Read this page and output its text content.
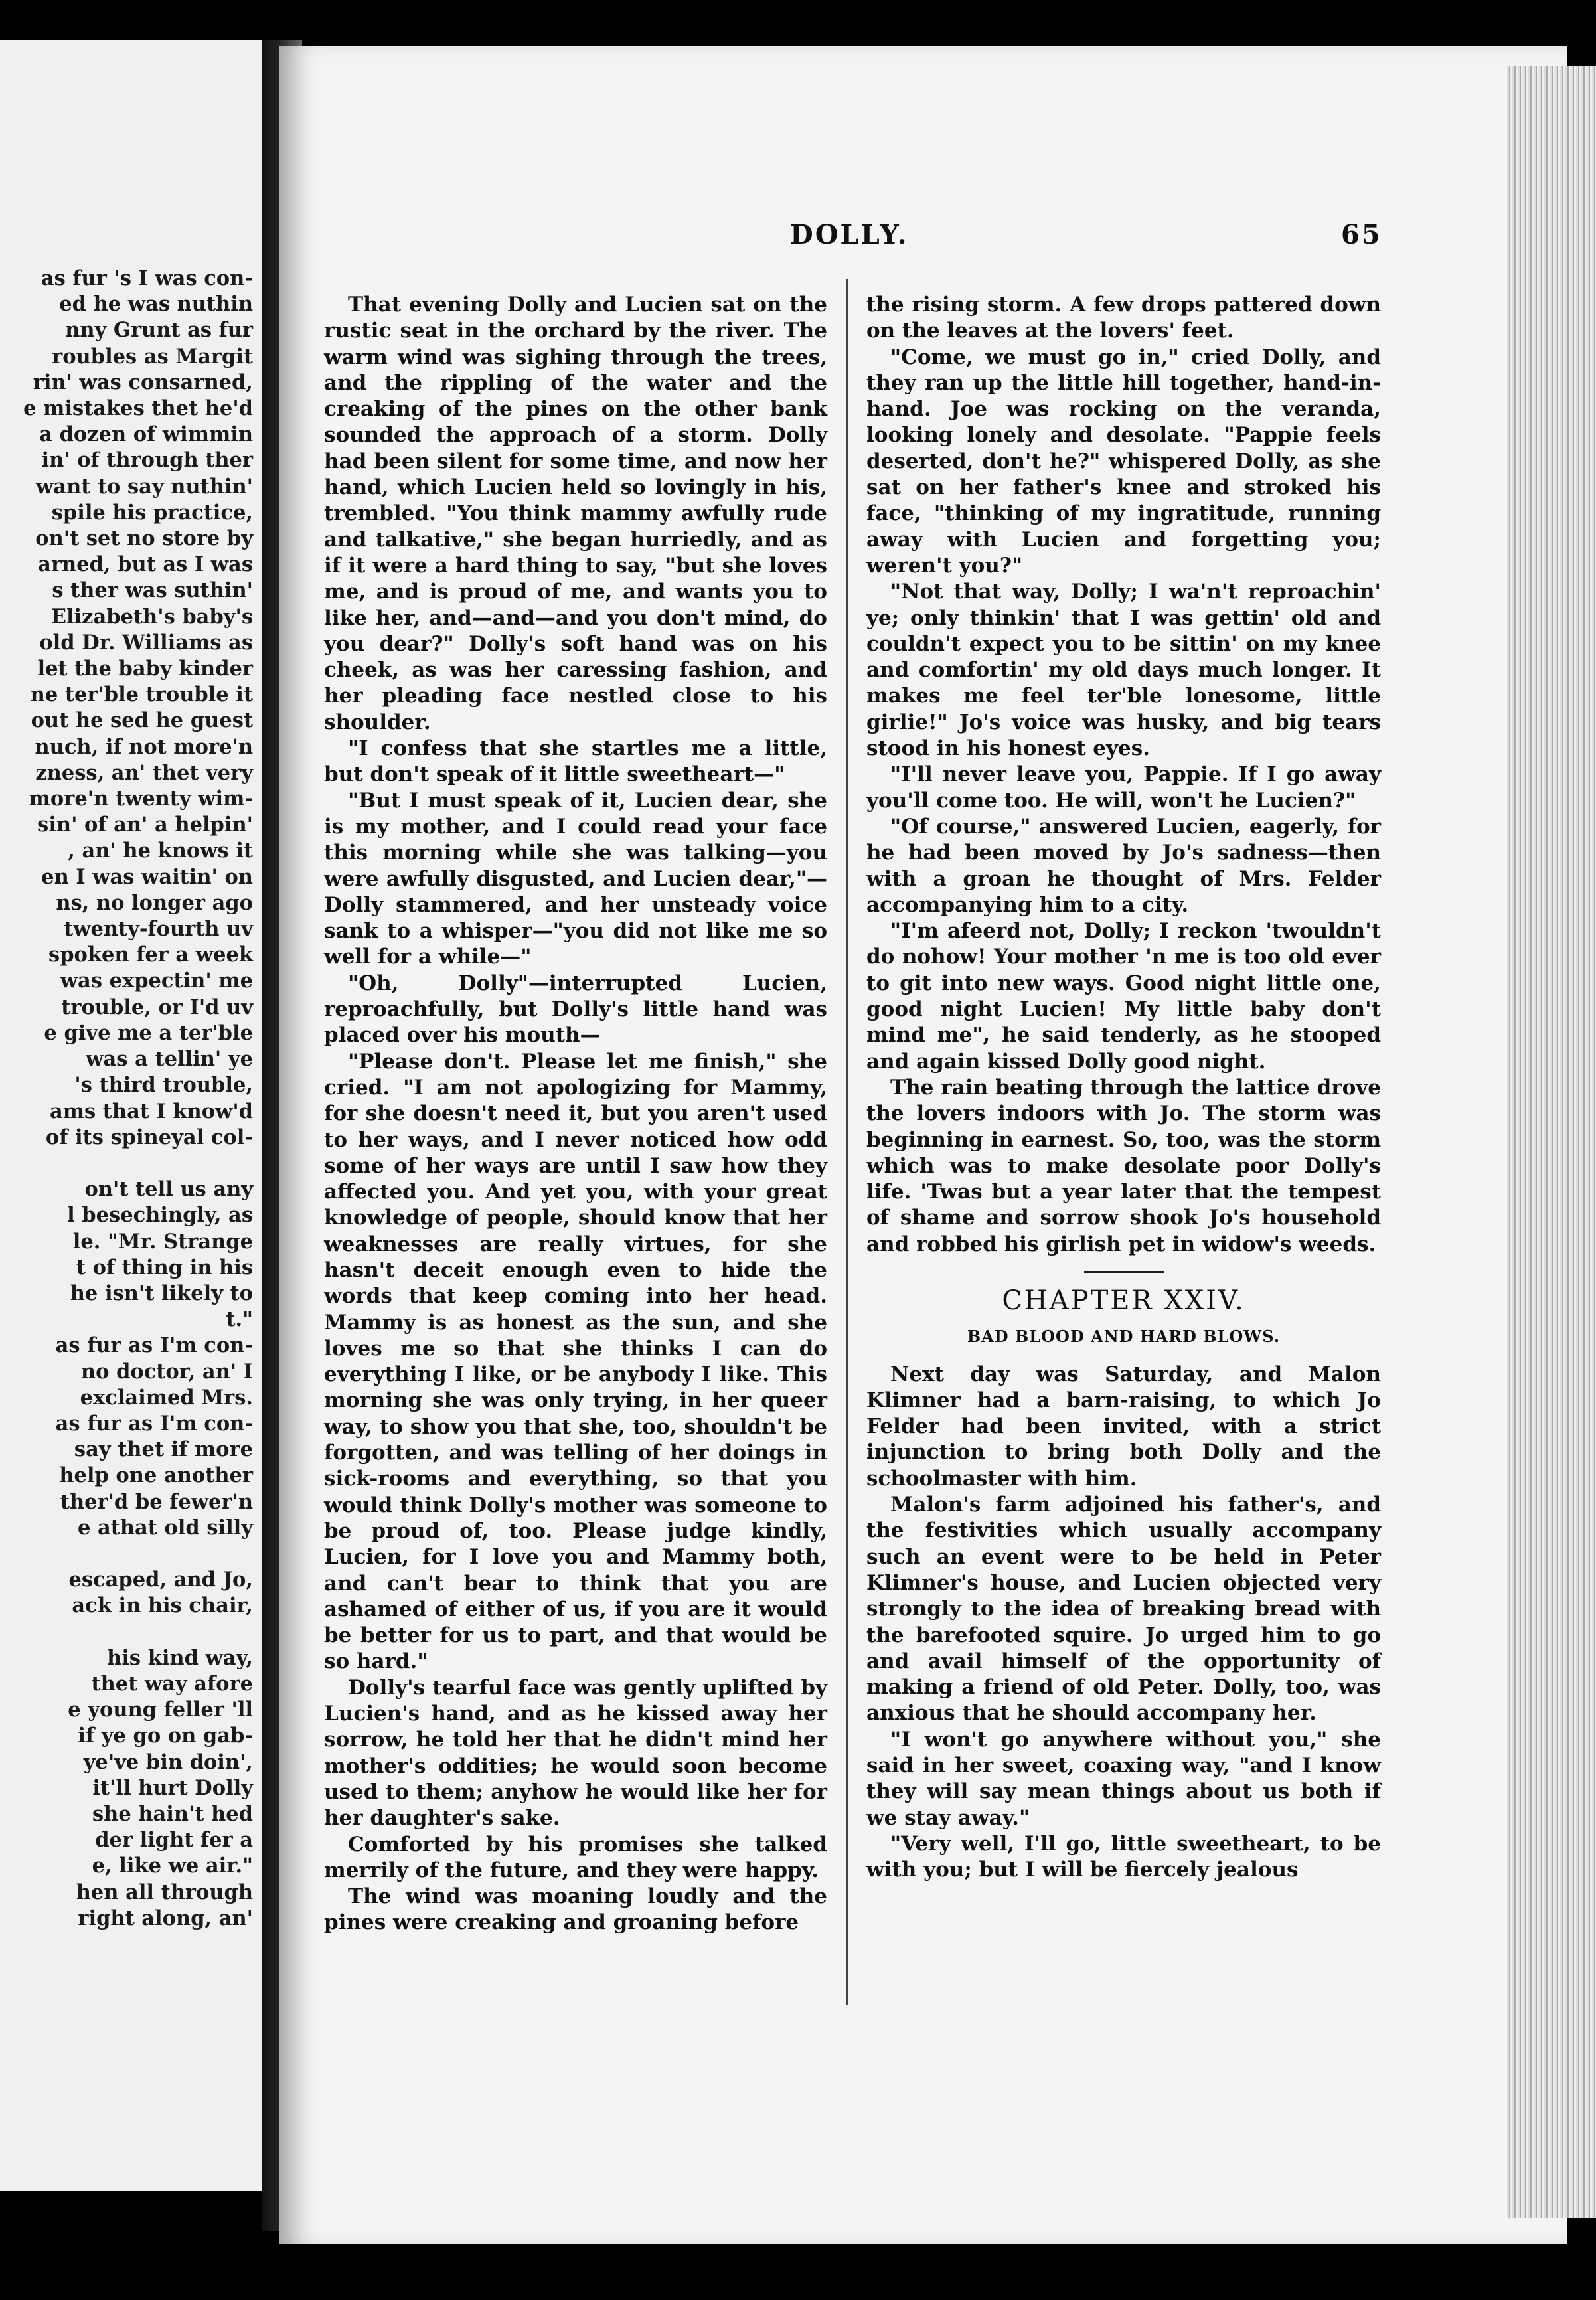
as fur 's I was con-
ed he was nuthin
nny Grunt as fur
roubles as Margit
rin' was consarned,
e mistakes thet he'd
a dozen of wimmin
in' of through ther
want to say nuthin'
spile his practice,
on't set no store by
arned, but as I was
s ther was suthin'
Elizabeth's baby's
old Dr. Williams as
let the baby kinder
ne ter'ble trouble it
out he sed he guest
nuch, if not more'n
zness, an' thet very
more'n twenty wim-
sin' of an' a helpin'
, an' he knows it
en I was waitin' on
ns, no longer ago
twenty-fourth uv
spoken fer a week
was expectin' me
trouble, or I'd uv
e give me a ter'ble
was a tellin' ye
's third trouble,
ams that I know'd
of its spineyal col-

on't tell us any
l besechingly, as
le. "Mr. Strange
t of thing in his
he isn't likely to
t."
as fur as I'm con-
no doctor, an' I
exclaimed Mrs.
as fur as I'm con-
say thet if more
help one another
ther'd be fewer'n
e athat old silly

escaped, and Jo,
ack in his chair,

his kind way,
thet way afore
e young feller 'll
if ye go on gab-
ye've bin doin',
it'll hurt Dolly
she hain't hed
der light fer a
e, like we air."
hen all through
right along, an'
DOLLY.	65

That evening Dolly and Lucien sat on the rustic seat in the orchard by the river. The warm wind was sighing through the trees, and the rippling of the water and the creaking of the pines on the other bank sounded the approach of a storm. Dolly had been silent for some time, and now her hand, which Lucien held so lovingly in his, trembled. "You think mammy awfully rude and talkative," she began hurriedly, and as if it were a hard thing to say, "but she loves me, and is proud of me, and wants you to like her, and—and—and you don't mind, do you dear?" Dolly's soft hand was on his cheek, as was her caressing fashion, and her pleading face nestled close to his shoulder.

"I confess that she startles me a little, but don't speak of it little sweetheart—"

"But I must speak of it, Lucien dear, she is my mother, and I could read your face this morning while she was talking—you were awfully disgusted, and Lucien dear,"—Dolly stammered, and her unsteady voice sank to a whisper—"you did not like me so well for a while—"

"Oh, Dolly"—interrupted Lucien, reproachfully, but Dolly's little hand was placed over his mouth—

"Please don't. Please let me finish," she cried. "I am not apologizing for Mammy, for she doesn't need it, but you aren't used to her ways, and I never noticed how odd some of her ways are until I saw how they affected you. And yet you, with your great knowledge of people, should know that her weaknesses are really virtues, for she hasn't deceit enough even to hide the words that keep coming into her head. Mammy is as honest as the sun, and she loves me so that she thinks I can do everything I like, or be anybody I like. This morning she was only trying, in her queer way, to show you that she, too, shouldn't be forgotten, and was telling of her doings in sick-rooms and everything, so that you would think Dolly's mother was someone to be proud of, too. Please judge kindly, Lucien, for I love you and Mammy both, and can't bear to think that you are ashamed of either of us, if you are it would be better for us to part, and that would be so hard."

Dolly's tearful face was gently uplifted by Lucien's hand, and as he kissed away her sorrow, he told her that he didn't mind her mother's oddities; he would soon become used to them; anyhow he would like her for her daughter's sake.

Comforted by his promises she talked merrily of the future, and they were happy.

The wind was moaning loudly and the pines were creaking and groaning before

the rising storm. A few drops pattered down on the leaves at the lovers' feet.

"Come, we must go in," cried Dolly, and they ran up the little hill together, hand-in-hand. Joe was rocking on the veranda, looking lonely and desolate. "Pappie feels deserted, don't he?" whispered Dolly, as she sat on her father's knee and stroked his face, "thinking of my ingratitude, running away with Lucien and forgetting you; weren't you?"

"Not that way, Dolly; I wa'n't reproachin' ye; only thinkin' that I was gettin' old and couldn't expect you to be sittin' on my knee and comfortin' my old days much longer. It makes me feel ter'ble lonesome, little girlie!" Jo's voice was husky, and big tears stood in his honest eyes.

"I'll never leave you, Pappie. If I go away you'll come too. He will, won't he Lucien?"

"Of course," answered Lucien, eagerly, for he had been moved by Jo's sadness—then with a groan he thought of Mrs. Felder accompanying him to a city.

"I'm afeerd not, Dolly; I reckon 'twouldn't do nohow! Your mother 'n me is too old ever to git into new ways. Good night little one, good night Lucien! My little baby don't mind me", he said tenderly, as he stooped and again kissed Dolly good night.

The rain beating through the lattice drove the lovers indoors with Jo. The storm was beginning in earnest. So, too, was the storm which was to make desolate poor Dolly's life. 'Twas but a year later that the tempest of shame and sorrow shook Jo's household and robbed his girlish pet in widow's weeds.

CHAPTER XXIV.
BAD BLOOD AND HARD BLOWS.

Next day was Saturday, and Malon Klimner had a barn-raising, to which Jo Felder had been invited, with a strict injunction to bring both Dolly and the schoolmaster with him.

Malon's farm adjoined his father's, and the festivities which usually accompany such an event were to be held in Peter Klimner's house, and Lucien objected very strongly to the idea of breaking bread with the barefooted squire. Jo urged him to go and avail himself of the opportunity of making a friend of old Peter. Dolly, too, was anxious that he should accompany her.

"I won't go anywhere without you," she said in her sweet, coaxing way, "and I know they will say mean things about us both if we stay away."

"Very well, I'll go, little sweetheart, to be with you; but I will be fiercely jealous
